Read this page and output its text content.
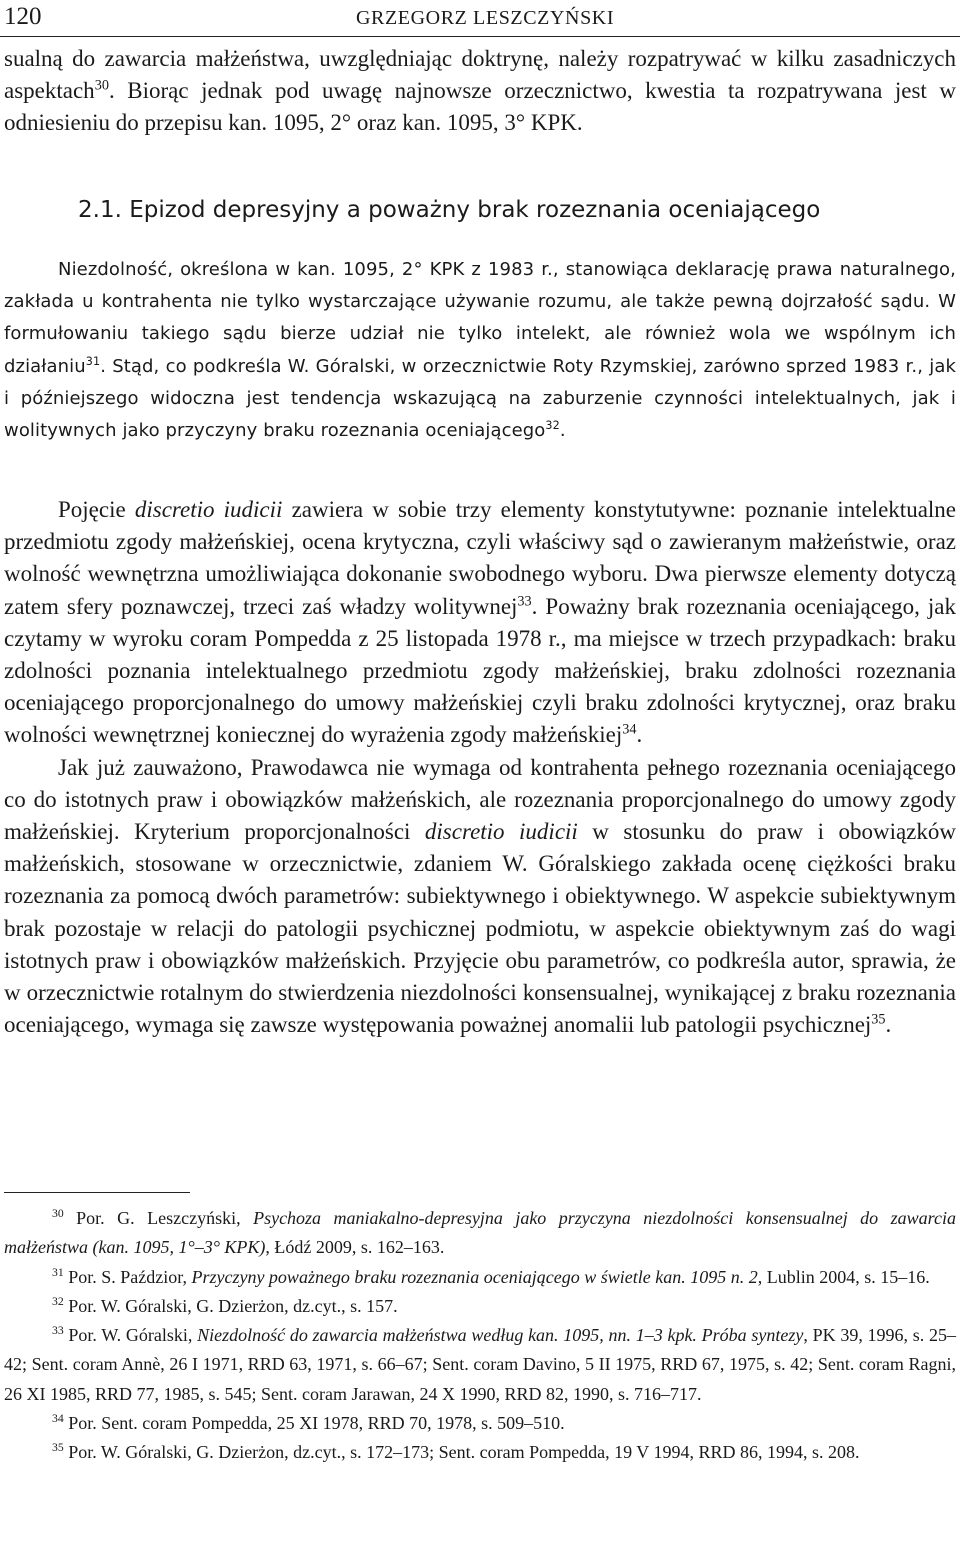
120	GRZEGORZ LESZCZYŃSKI

sualną do zawarcia małżeństwa, uwzględniając doktrynę, należy rozpatrywać w kilku zasadniczych aspektach$^{30}$. Biorąc jednak pod uwagę najnowsze orzecznictwo, kwestia ta rozpatrywana jest w odniesieniu do przepisu kan. 1095, 2° oraz kan. 1095, 3° KPK.

2.1. Epizod depresyjny a poważny brak rozeznania oceniającego

Niezdolność, określona w kan. 1095, 2° KPK z 1983 r., stanowiąca deklarację prawa naturalnego, zakłada u kontrahenta nie tylko wystarczające używanie rozumu, ale także pewną dojrzałość sądu. W formułowaniu takiego sądu bierze udział nie tylko intelekt, ale również wola we wspólnym ich działaniu$^{31}$. Stąd, co podkreśla W. Góralski, w orzecznictwie Roty Rzymskiej, zarówno sprzed 1983 r., jak i późniejszego widoczna jest tendencja wskazującą na zaburzenie czynności intelektualnych, jak i wolitywnych jako przyczyny braku rozeznania oceniającego$^{32}$.

Pojęcie discretio iudicii zawiera w sobie trzy elementy konstytutywne: poznanie intelektualne przedmiotu zgody małżeńskiej, ocena krytyczna, czyli właściwy sąd o zawieranym małżeństwie, oraz wolność wewnętrzna umożliwiająca dokonanie swobodnego wyboru. Dwa pierwsze elementy dotyczą zatem sfery poznawczej, trzeci zaś władzy wolitywnej$^{33}$. Poważny brak rozeznania oceniającego, jak czytamy w wyroku coram Pompedda z 25 listopada 1978 r., ma miejsce w trzech przypadkach: braku zdolności poznania intelektualnego przedmiotu zgody małżeńskiej, braku zdolności rozeznania oceniającego proporcjonalnego do umowy małżeńskiej czyli braku zdolności krytycznej, oraz braku wolności wewnętrznej koniecznej do wyrażenia zgody małżeńskiej$^{34}$.

Jak już zauważono, Prawodawca nie wymaga od kontrahenta pełnego rozeznania oceniającego co do istotnych praw i obowiązków małżeńskich, ale rozeznania proporcjonalnego do umowy zgody małżeńskiej. Kryterium proporcjonalności discretio iudicii w stosunku do praw i obowiązków małżeńskich, stosowane w orzecznictwie, zdaniem W. Góralskiego zakłada ocenę ciężkości braku rozeznania za pomocą dwóch parametrów: subiektywnego i obiektywnego. W aspekcie subiektywnym brak pozostaje w relacji do patologii psychicznej podmiotu, w aspekcie obiektywnym zaś do wagi istotnych praw i obowiązków małżeńskich. Przyjęcie obu parametrów, co podkreśla autor, sprawia, że w orzecznictwie rotalnym do stwierdzenia niezdolności konsensualnej, wynikającej z braku rozeznania oceniającego, wymaga się zawsze występowania poważnej anomalii lub patologii psychicznej$^{35}$.

$^{30}$ Por. G. Leszczyński, Psychoza maniakalno-depresyjna jako przyczyna niezdolności konsensualnej do zawarcia małżeństwa (kan. 1095, 1°–3° KPK), Łódź 2009, s. 162–163.

$^{31}$ Por. S. Paździor, Przyczyny poważnego braku rozeznania oceniającego w świetle kan. 1095 n. 2, Lublin 2004, s. 15–16.

$^{32}$ Por. W. Góralski, G. Dzierżon, dz.cyt., s. 157.

$^{33}$ Por. W. Góralski, Niezdolność do zawarcia małżeństwa według kan. 1095, nn. 1–3 kpk. Próba syntezy, PK 39, 1996, s. 25–42; Sent. coram Annè, 26 I 1971, RRD 63, 1971, s. 66–67; Sent. coram Davino, 5 II 1975, RRD 67, 1975, s. 42; Sent. coram Ragni, 26 XI 1985, RRD 77, 1985, s. 545; Sent. coram Jarawan, 24 X 1990, RRD 82, 1990, s. 716–717.

$^{34}$ Por. Sent. coram Pompedda, 25 XI 1978, RRD 70, 1978, s. 509–510.

$^{35}$ Por. W. Góralski, G. Dzierżon, dz.cyt., s. 172–173; Sent. coram Pompedda, 19 V 1994, RRD 86, 1994, s. 208.
